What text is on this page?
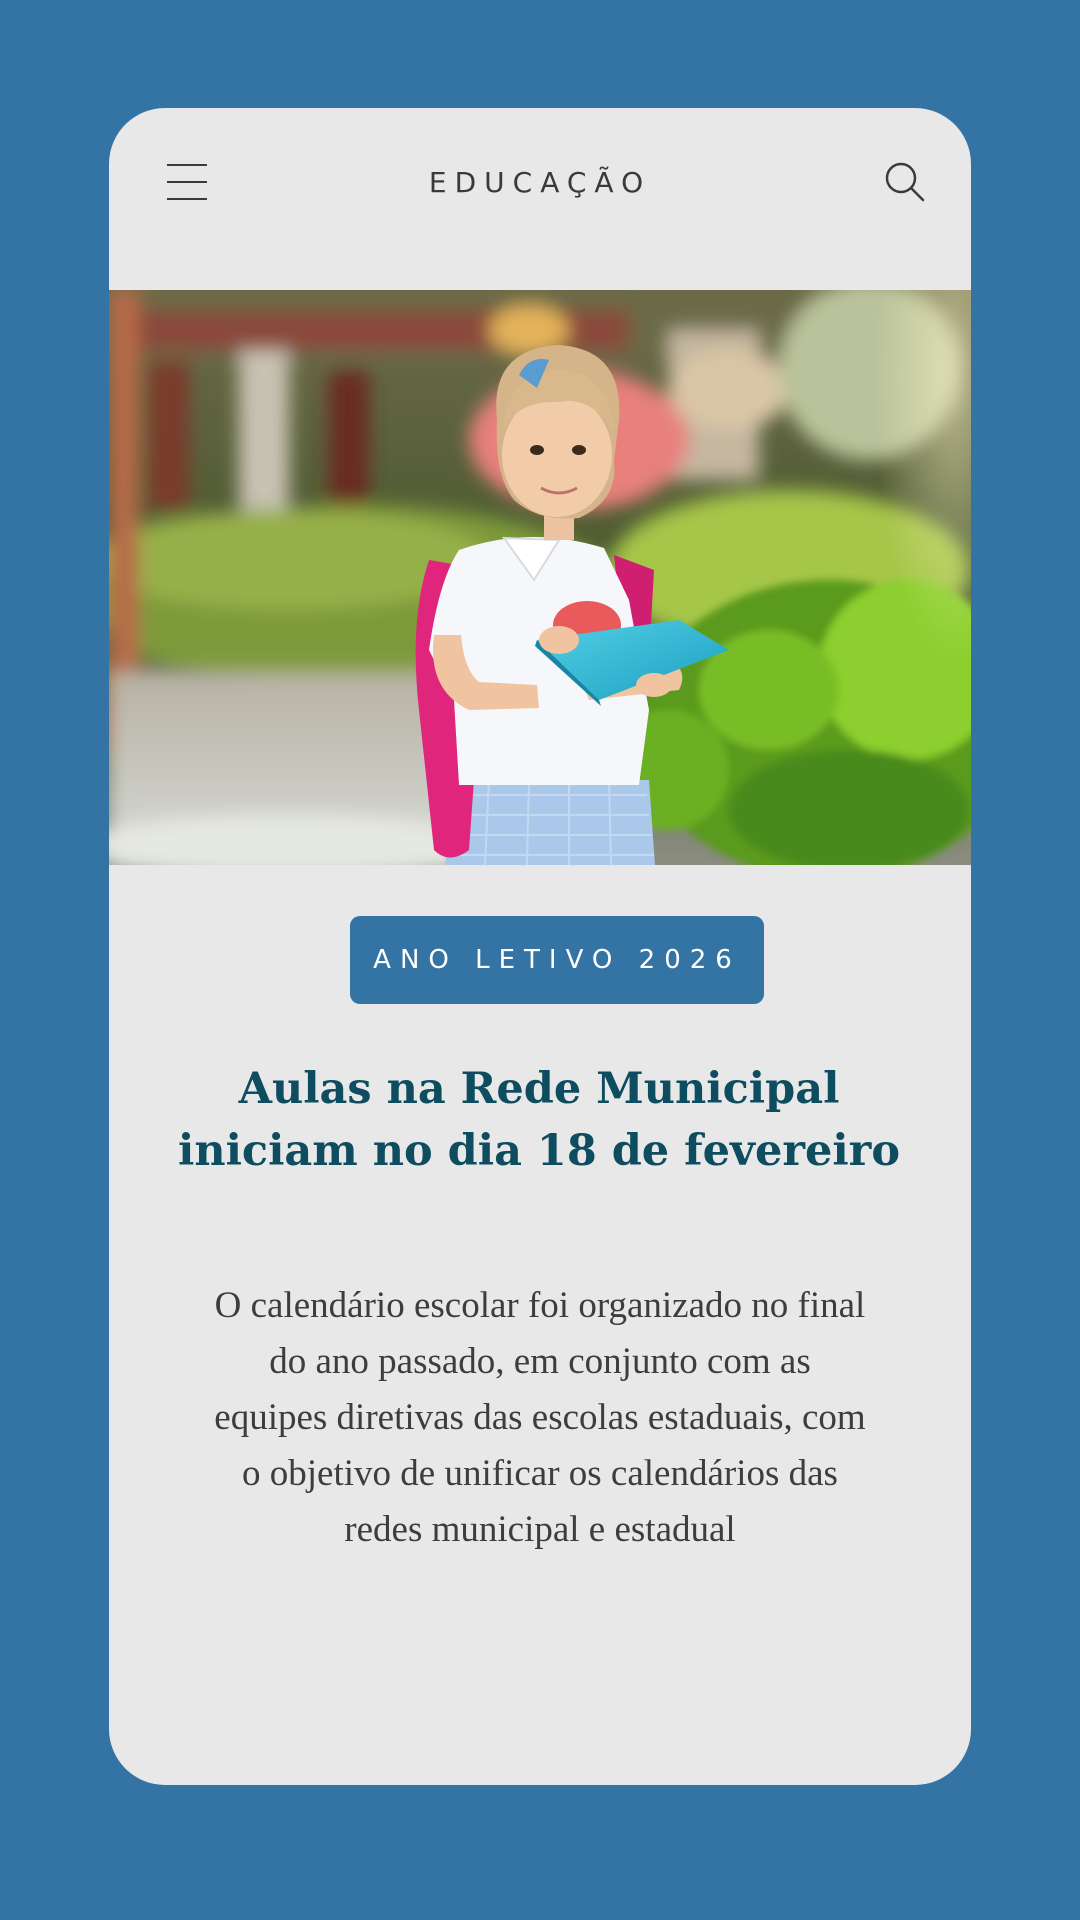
EDUCAÇÃO
ANO LETIVO 2026
Aulas na Rede Municipal
iniciam no dia 18 de fevereiro

O calendário escolar foi organizado no final
do ano passado, em conjunto com as
equipes diretivas das escolas estaduais, com
o objetivo de unificar os calendários das
redes municipal e estadual
